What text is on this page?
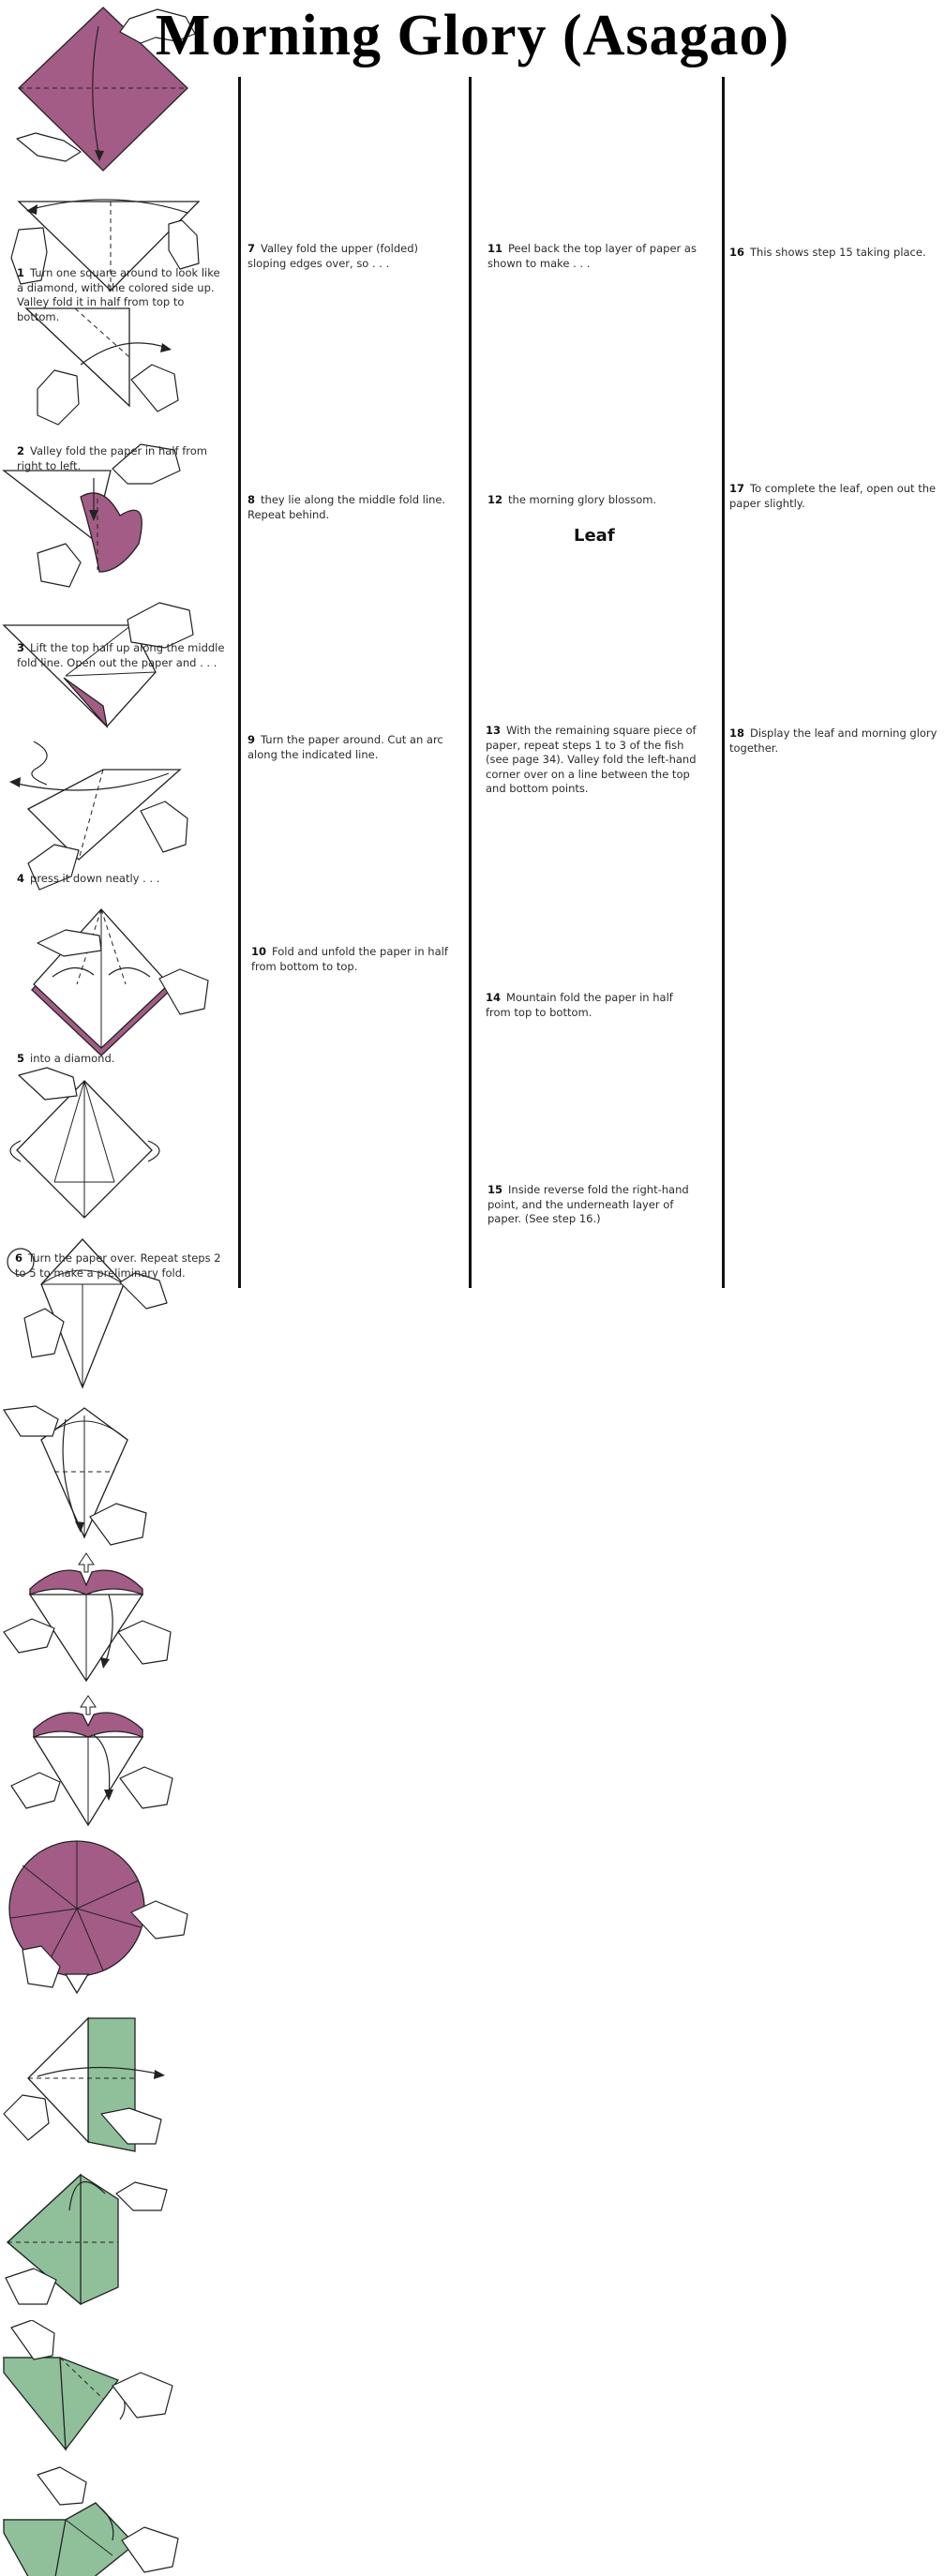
Morning Glory (Asagao)
1 Turn one square around to look like a diamond, with the colored side up. Valley fold it in half from top to bottom.
2 Valley fold the paper in half from right to left.
3 Lift the top half up along the middle fold line. Open out the paper and . . .
4 press it down neatly . . .
5 into a diamond.
6 Turn the paper over. Repeat steps 2 to 5 to make a preliminary fold.
7 Valley fold the upper (folded) sloping edges over, so . . .
8 they lie along the middle fold line. Repeat behind.
9 Turn the paper around. Cut an arc along the indicated line.
10 Fold and unfold the paper in half from bottom to top.
11 Peel back the top layer of paper as shown to make . . .
12 the morning glory blossom.
Leaf
13 With the remaining square piece of paper, repeat steps 1 to 3 of the fish (see page 34). Valley fold the left-hand corner over on a line between the top and bottom points.
14 Mountain fold the paper in half from top to bottom.
15 Inside reverse fold the right-hand point, and the underneath layer of paper. (See step 16.)
16 This shows step 15 taking place.
17 To complete the leaf, open out the paper slightly.
18 Display the leaf and morning glory together.
